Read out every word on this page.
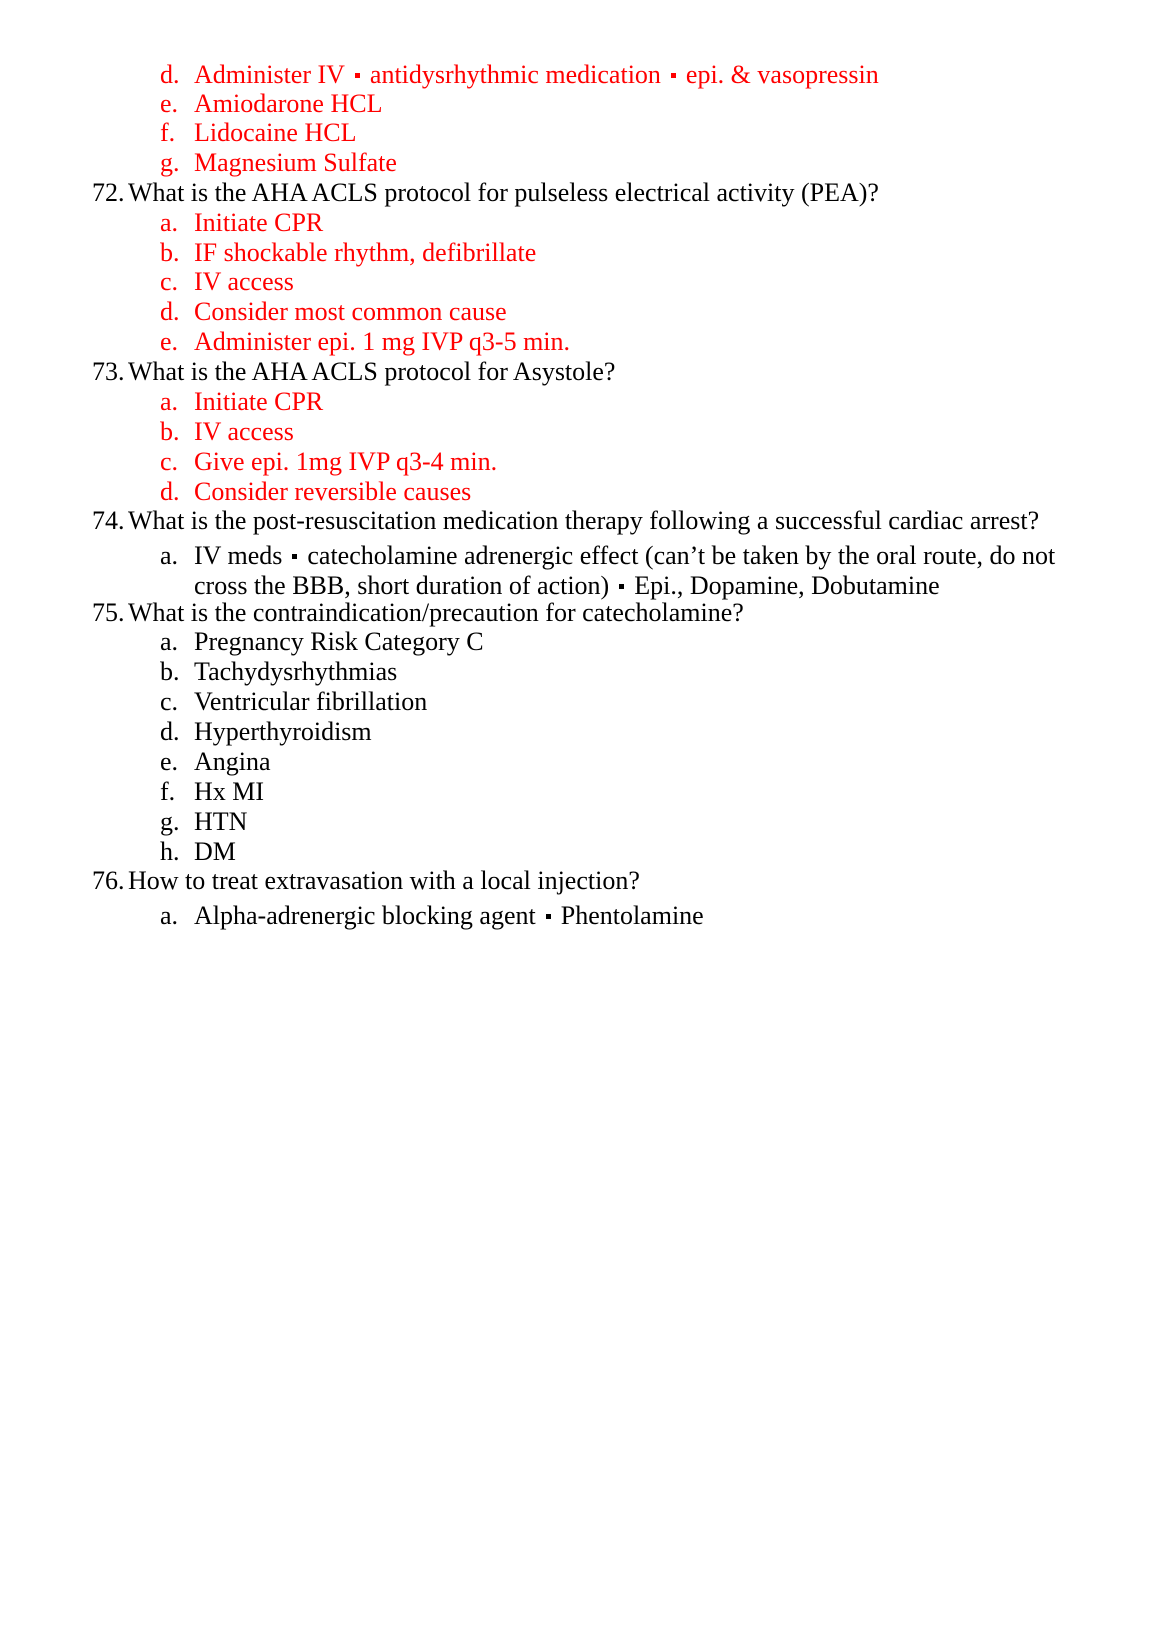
d. Administer IV antidysrhythmic medication epi. & vasopressin
e. Amiodarone HCL
f. Lidocaine HCL
g. Magnesium Sulfate
72. What is the AHA ACLS protocol for pulseless electrical activity (PEA)?
a. Initiate CPR
b. IF shockable rhythm, defibrillate
c. IV access
d. Consider most common cause
e. Administer epi. 1 mg IVP q3-5 min.
73. What is the AHA ACLS protocol for Asystole?
a. Initiate CPR
b. IV access
c. Give epi. 1mg IVP q3-4 min.
d. Consider reversible causes
74. What is the post-resuscitation medication therapy following a successful cardiac arrest?
a. IV meds catecholamine adrenergic effect (can’t be taken by the oral route, do not
cross the BBB, short duration of action) Epi., Dopamine, Dobutamine
75. What is the contraindication/precaution for catecholamine?
a. Pregnancy Risk Category C
b. Tachydysrhythmias
c. Ventricular fibrillation
d. Hyperthyroidism
e. Angina
f. Hx MI
g. HTN
h. DM
76. How to treat extravasation with a local injection?
a. Alpha-adrenergic blocking agent Phentolamine
